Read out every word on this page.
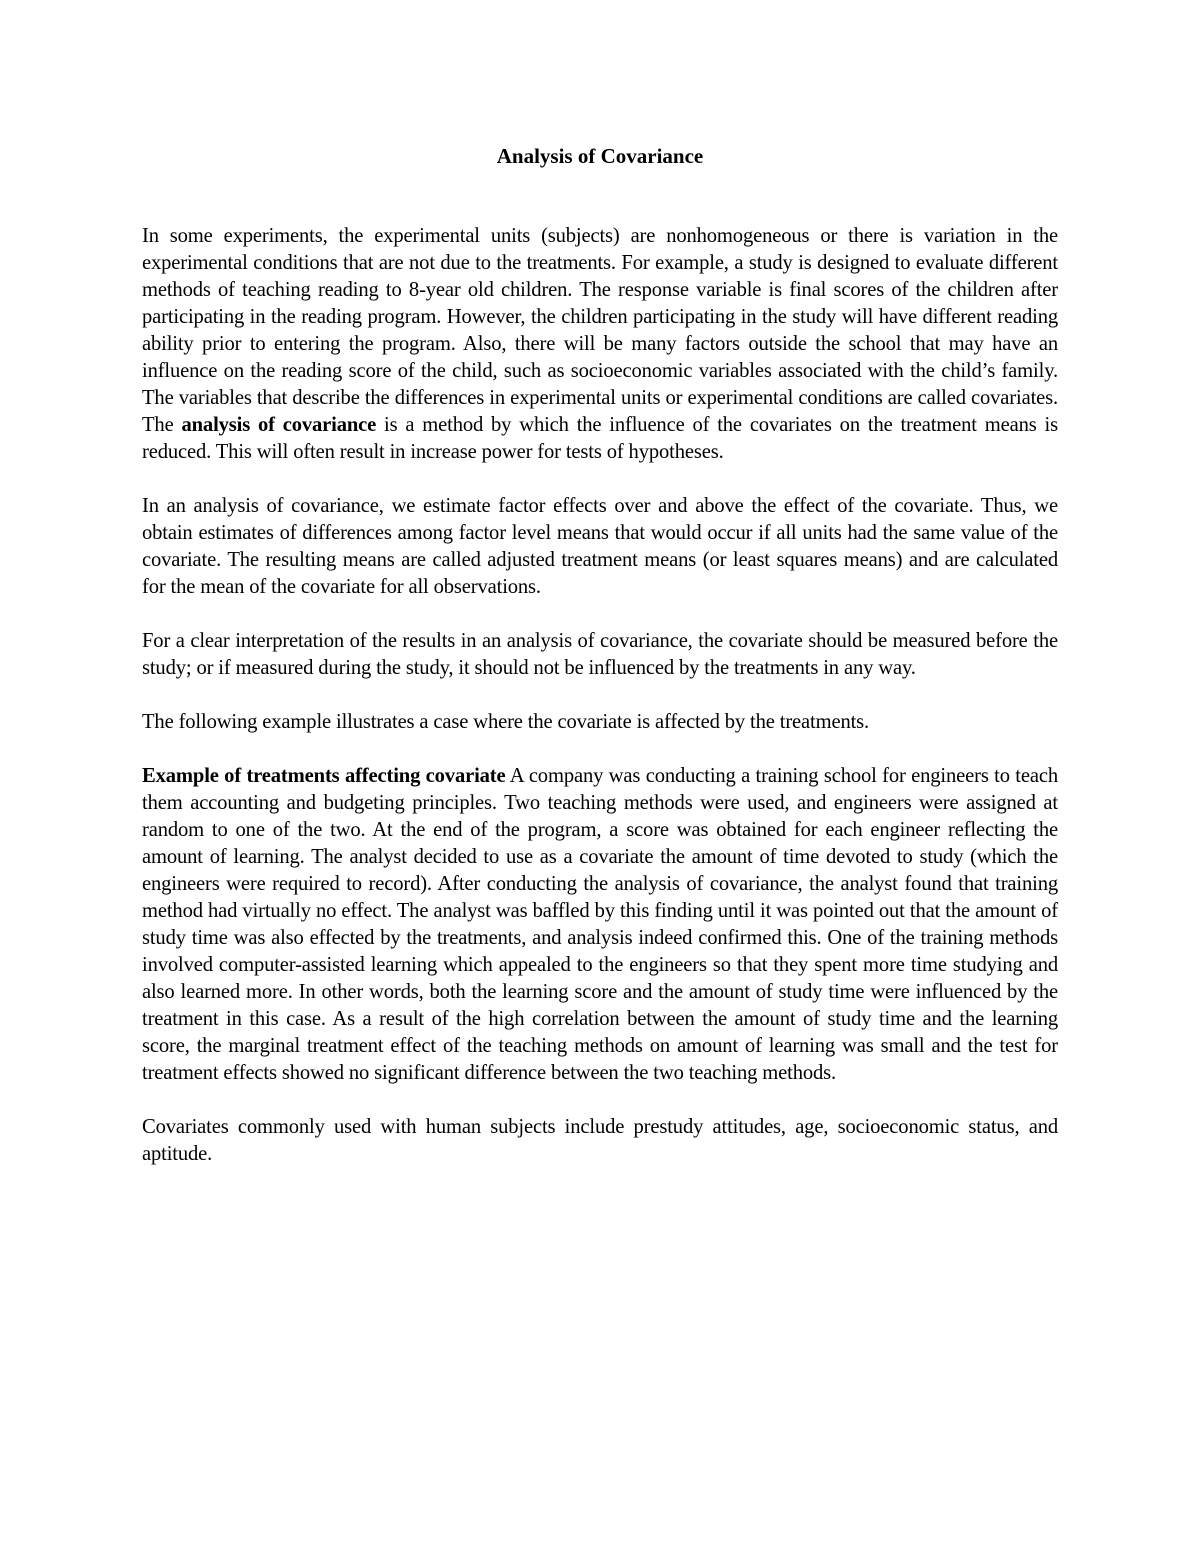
Analysis of Covariance

In some experiments, the experimental units (subjects) are nonhomogeneous or there is variation in the experimental conditions that are not due to the treatments. For example, a study is designed to evaluate different methods of teaching reading to 8-year old children. The response variable is final scores of the children after participating in the reading program. However, the children participating in the study will have different reading ability prior to entering the program. Also, there will be many factors outside the school that may have an influence on the reading score of the child, such as socioeconomic variables associated with the child’s family. The variables that describe the differences in experimental units or experimental conditions are called covariates. The analysis of covariance is a method by which the influence of the covariates on the treatment means is reduced. This will often result in increase power for tests of hypotheses.

In an analysis of covariance, we estimate factor effects over and above the effect of the covariate. Thus, we obtain estimates of differences among factor level means that would occur if all units had the same value of the covariate. The resulting means are called adjusted treatment means (or least squares means) and are calculated for the mean of the covariate for all observations.

For a clear interpretation of the results in an analysis of covariance, the covariate should be measured before the study; or if measured during the study, it should not be influenced by the treatments in any way.

The following example illustrates a case where the covariate is affected by the treatments.

Example of treatments affecting covariate A company was conducting a training school for engineers to teach them accounting and budgeting principles. Two teaching methods were used, and engineers were assigned at random to one of the two. At the end of the program, a score was obtained for each engineer reflecting the amount of learning. The analyst decided to use as a covariate the amount of time devoted to study (which the engineers were required to record). After conducting the analysis of covariance, the analyst found that training method had virtually no effect. The analyst was baffled by this finding until it was pointed out that the amount of study time was also effected by the treatments, and analysis indeed confirmed this. One of the training methods involved computer-assisted learning which appealed to the engineers so that they spent more time studying and also learned more. In other words, both the learning score and the amount of study time were influenced by the treatment in this case. As a result of the high correlation between the amount of study time and the learning score, the marginal treatment effect of the teaching methods on amount of learning was small and the test for treatment effects showed no significant difference between the two teaching methods.

Covariates commonly used with human subjects include prestudy attitudes, age, socioeconomic status, and aptitude.
